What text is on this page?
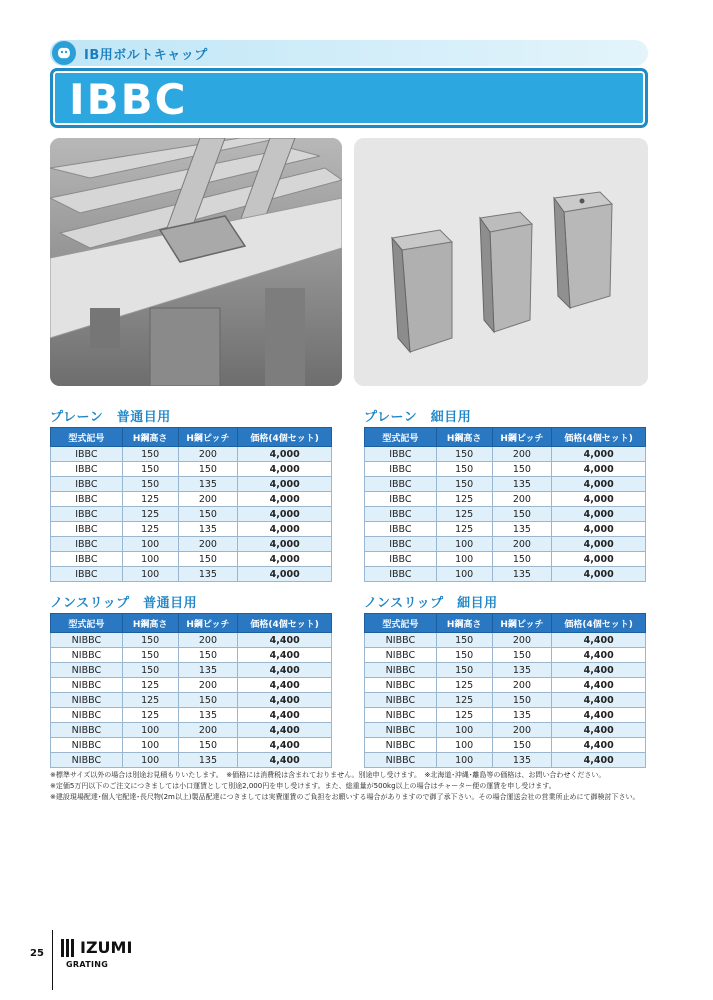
IB用ボルトキャップ
IBBC
プレーン　普通目用
型式記号	H鋼高さ	H鋼ピッチ	価格(4個セット)
IBBC	150	200	4,000
IBBC	150	150	4,000
IBBC	150	135	4,000
IBBC	125	200	4,000
IBBC	125	150	4,000
IBBC	125	135	4,000
IBBC	100	200	4,000
IBBC	100	150	4,000
IBBC	100	135	4,000
プレーン　細目用
型式記号	H鋼高さ	H鋼ピッチ	価格(4個セット)
IBBC	150	200	4,000
IBBC	150	150	4,000
IBBC	150	135	4,000
IBBC	125	200	4,000
IBBC	125	150	4,000
IBBC	125	135	4,000
IBBC	100	200	4,000
IBBC	100	150	4,000
IBBC	100	135	4,000
ノンスリップ　普通目用
型式記号	H鋼高さ	H鋼ピッチ	価格(4個セット)
NIBBC	150	200	4,400
NIBBC	150	150	4,400
NIBBC	150	135	4,400
NIBBC	125	200	4,400
NIBBC	125	150	4,400
NIBBC	125	135	4,400
NIBBC	100	200	4,400
NIBBC	100	150	4,400
NIBBC	100	135	4,400
ノンスリップ　細目用
型式記号	H鋼高さ	H鋼ピッチ	価格(4個セット)
NIBBC	150	200	4,400
NIBBC	150	150	4,400
NIBBC	150	135	4,400
NIBBC	125	200	4,400
NIBBC	125	150	4,400
NIBBC	125	135	4,400
NIBBC	100	200	4,400
NIBBC	100	150	4,400
NIBBC	100	135	4,400
※標準サイズ以外の場合は別途お見積もりいたします。　※価格には消費税は含まれておりません。別途申し受けます。　※北海道･沖縄･離島等の価格は、お問い合わせください。
※定価5万円以下のご注文につきましては小口運賃として別途2,000円を申し受けます。また、総重量が500kg以上の場合はチャーター便の運賃を申し受けます。
※建設現場配達･個人宅配達･長尺物(2m以上)製品配達につきましては実費運賃のご負担をお願いする場合がありますので御了承下さい。その場合運送会社の営業所止めにて御検討下さい。
25 IZUMI
GRATING
